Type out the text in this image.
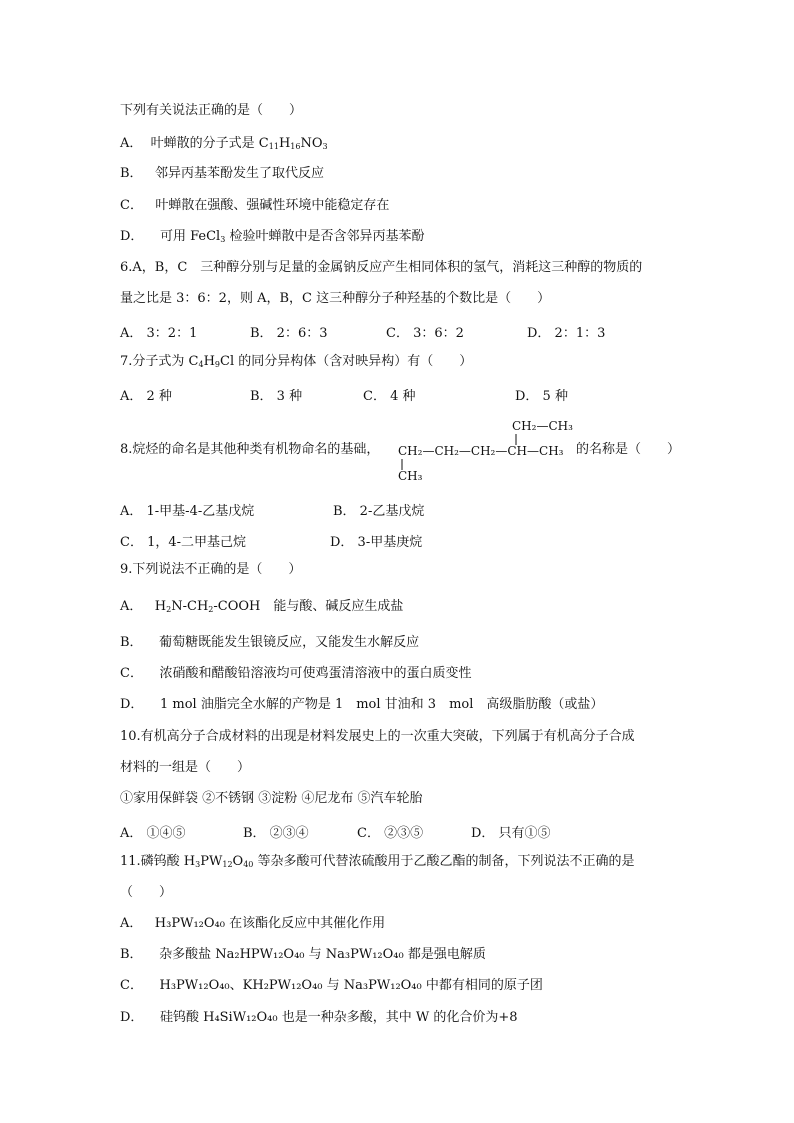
下列有关说法正确的是（　　）
A． 叶蝉散的分子式是 $C_{11}H_{16}NO_3$
B． 邻异丙基苯酚发生了取代反应
C． 叶蝉散在强酸、强碱性环境中能稳定存在
D． 可用 FeCl$_3$ 检验叶蝉散中是否含邻异丙基苯酚
6.A，B，C　三种醇分别与足量的金属钠反应产生相同体积的氢气，消耗这三种醇的物质的
量之比是 3：6：2，则 A，B，C 这三种醇分子种羟基的个数比是（　　）
A． 3：2：1	B． 2：6：3	C． 3：6：2	D． 2：1：3
7.分子式为 $C_4H_9Cl$ 的同分异构体（含对映异构）有（　　）
A． 2 种	B． 3 种	C． 4 种	D． 5 种
8.烷烃的命名是其他种类有机物命名的基础，
CH₂—CH₃
CH₂—CH₂—CH₂—CH—CH₃
CH₃
的名称是（　　）
A． 1-甲基-4-乙基戊烷	B． 2-乙基戊烷
C． 1，4-二甲基己烷	D． 3-甲基庚烷
9.下列说法不正确的是（　　）
A． $H_2N-CH_2$-COOH　能与酸、碱反应生成盐
B． 葡萄糖既能发生银镜反应，又能发生水解反应
C． 浓硝酸和醋酸铅溶液均可使鸡蛋清溶液中的蛋白质变性
D． 1 mol 油脂完全水解的产物是 1　mol 甘油和 3　mol　高级脂肪酸（或盐）
10.有机高分子合成材料的出现是材料发展史上的一次重大突破，下列属于有机高分子合成
材料的一组是（　　）
①家用保鲜袋 ②不锈钢 ③淀粉 ④尼龙布 ⑤汽车轮胎
A． ①④⑤	B． ②③④	C． ②③⑤	D． 只有①⑤
11.磷钨酸 $H_3PW_{12}O_{40}$ 等杂多酸可代替浓硫酸用于乙酸乙酯的制备，下列说法不正确的是
（　　）
A． H₃PW₁₂O₄₀ 在该酯化反应中其催化作用
B． 杂多酸盐 Na₂HPW₁₂O₄₀ 与 Na₃PW₁₂O₄₀ 都是强电解质
C． H₃PW₁₂O₄₀、KH₂PW₁₂O₄₀ 与 Na₃PW₁₂O₄₀ 中都有相同的原子团
D． 硅钨酸 H₄SiW₁₂O₄₀ 也是一种杂多酸，其中 W 的化合价为+8
